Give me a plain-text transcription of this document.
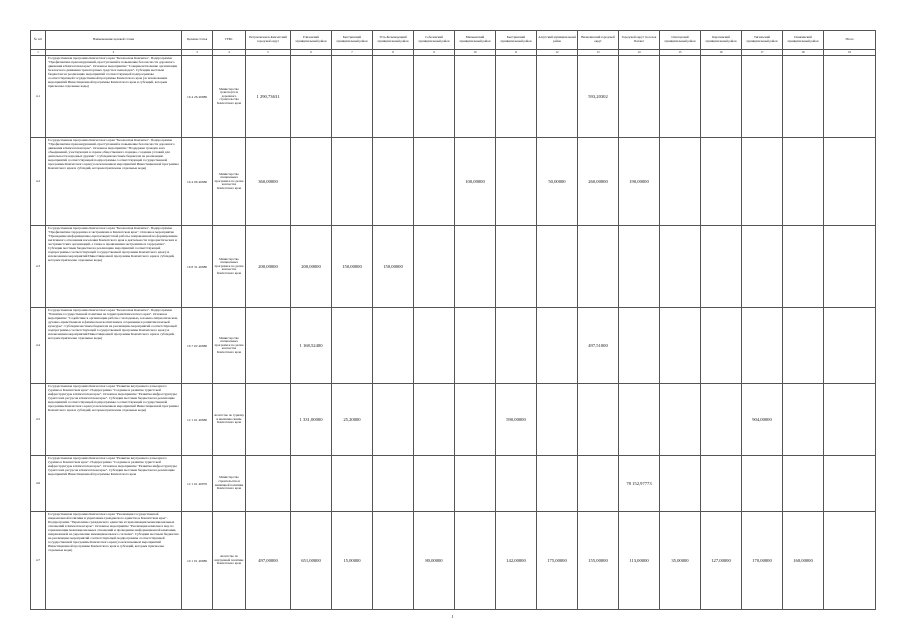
№ п/п	Наименование целевой статьи	Целевая статья	ГРБС	Петропавловск-Камчатский городской округ	Елизовский муниципальный район	Быстринский муниципальный район	Усть-Большерецкий муниципальный район	Соболевский муниципальный район	Мильковский муниципальный район	Быстринский муниципальный район	Алеутский муниципальный район	Вилючинский городской округ	Городской округ 'поселок Палана'	Олюторский муниципальный район	Карагинский муниципальный район	Тигильский муниципальный район	Пенжинский муниципальный район	Итого	
1	2	3	4	5	6	7	8	9	10	11	12	13	14	15	16	17	18	19	
4.1	Государственная программа Камчатского края "Безопасная Камчатка". Подпрограмма "Профилактика правонарушений, преступлений и повышение безопасности дорожного движения в Камчатском крае". Основное мероприятие "Совершенствование организации безопасного движения транспортных средств и пешеходов". Субсидии местным бюджетам на реализацию мероприятий соответствующей подпрограммы соответствующей государственной программы Камчатского края (за исключением мероприятий Инвестиционной программы Камчатского края и субсидий, которым присвоены отдельные коды)	16 4 26 40080	Министерство транспорта и дорожного строительства Камчатского края	1 290,73631								593,20302							
4.2	Государственная программа Камчатского края "Безопасная Камчатка". Подпрограмма "Профилактика правонарушений, преступлений и повышение безопасности дорожного движения в Камчатском крае". Основное мероприятие "Поддержка граждан и их объединений, участвующих в охране общественного порядка, создание условий для деятельности народных дружин". Субсидии местным бюджетам на реализацию мероприятий соответствующей подпрограммы соответствующей государственной программы Камчатского края (за исключением мероприятий Инвестиционной программы Камчатского края и субсидий, которым присвоены отдельные коды)	16 4 06 40080	Министерство специальных программ и по делам казачества Камчатского края	360,00000					100,00000		50,00000	260,00000	190,00000						
4.3	Государственная программа Камчатского края "Безопасная Камчатка". Подпрограмма "Профилактика терроризма и экстремизма в Камчатском крае". Основное мероприятие "Проведение информационно-пропагандистской работы, направленной на формирование негативного отношения населения Камчатского края к деятельности террористических и экстремистских организаций, а также к проявлениям экстремизма и терроризма". Субсидии местным бюджетам на реализацию мероприятий соответствующей подпрограммы соответствующей государственной программы Камчатского края (за исключением мероприятий Инвестиционной программы Камчатского края и субсидий, которым присвоены отдельные коды)	16 8 31 40080	Министерство специальных программ и по делам казачества Камчатского края	200,00000	200,00000	150,00000	150,00000												
4.4	Государственная программа Камчатского края "Безопасная Камчатка". Подпрограмма "Развитие государственной политики на территории Камчатского края". Основное мероприятие "Содействие в организации работы с молодежью, в военно-патриотическом, духовно-нравственном и физическом воспитании и сохранении и развитии казачьей культуры". Субсидии местным бюджетам на реализацию мероприятий соответствующей подпрограммы соответствующей государственной программы Камчатского края (за исключением мероприятий Инвестиционной программы Камчатского края и субсидий, которым присвоены отдельные коды)	16 7 02 40080	Министерство специальных программ и по делам казачества Камчатского края		1 168,52400							497,51000							
4.5	Государственная программа Камчатского края "Развитие внутреннего и въездного туризма в Камчатском крае". Подпрограмма "Создание и развитие туристской инфраструктуры в Камчатском крае". Основное мероприятие "Развитие инфраструктуры туристских ресурсов в Камчатском крае". Субсидии местным бюджетам на реализацию мероприятий соответствующей подпрограммы соответствующей государственной программы Камчатского края (за исключением мероприятий Инвестиционной программы Камчатского края и субсидий, которым присвоены отдельные коды)	12 1 01 40080	Агентство по туризму и внешним связям Камчатского края		1 331,00000	25,20000				590,00000						904,00000			
4.6	Государственная программа Камчатского края "Развитие внутреннего и въездного туризма в Камчатском крае". Подпрограмма "Создание и развитие туристской инфраструктуры в Камчатском крае". Основное мероприятие "Развитие инфраструктуры туристских ресурсов в Камчатском крае". Субсидии местным бюджетам на реализацию мероприятий Инвестиционной программы Камчатского края	12 1 01 40070	Министерство строительства и жилищной политики Камчатского края										78 152,97773						
4.7	Государственная программа Камчатского края "Реализация государственной национальной политики и укрепление гражданского единства в Камчатском крае". Подпрограмма "Укрепление гражданского единства и гармонизация межнациональных отношений в Камчатском крае". Основное мероприятие "Реализация комплекса мер по гармонизации межнациональных отношений и проведению информационной кампании, направленной на укрепление межнационального согласия". Субсидии местным бюджетам на реализацию мероприятий соответствующей подпрограммы соответствующей государственной программы Камчатского края (за исключением мероприятий Инвестиционной программы Камчатского края и субсидий, которым присвоены отдельные коды)	19 1 01 40080	Агентство по внутренней политике Камчатского края	497,00000	651,00000	15,00000		80,00000		142,00000	175,00000	155,00000	113,00000	35,00000	127,00000	170,00000	160,00000		
1
